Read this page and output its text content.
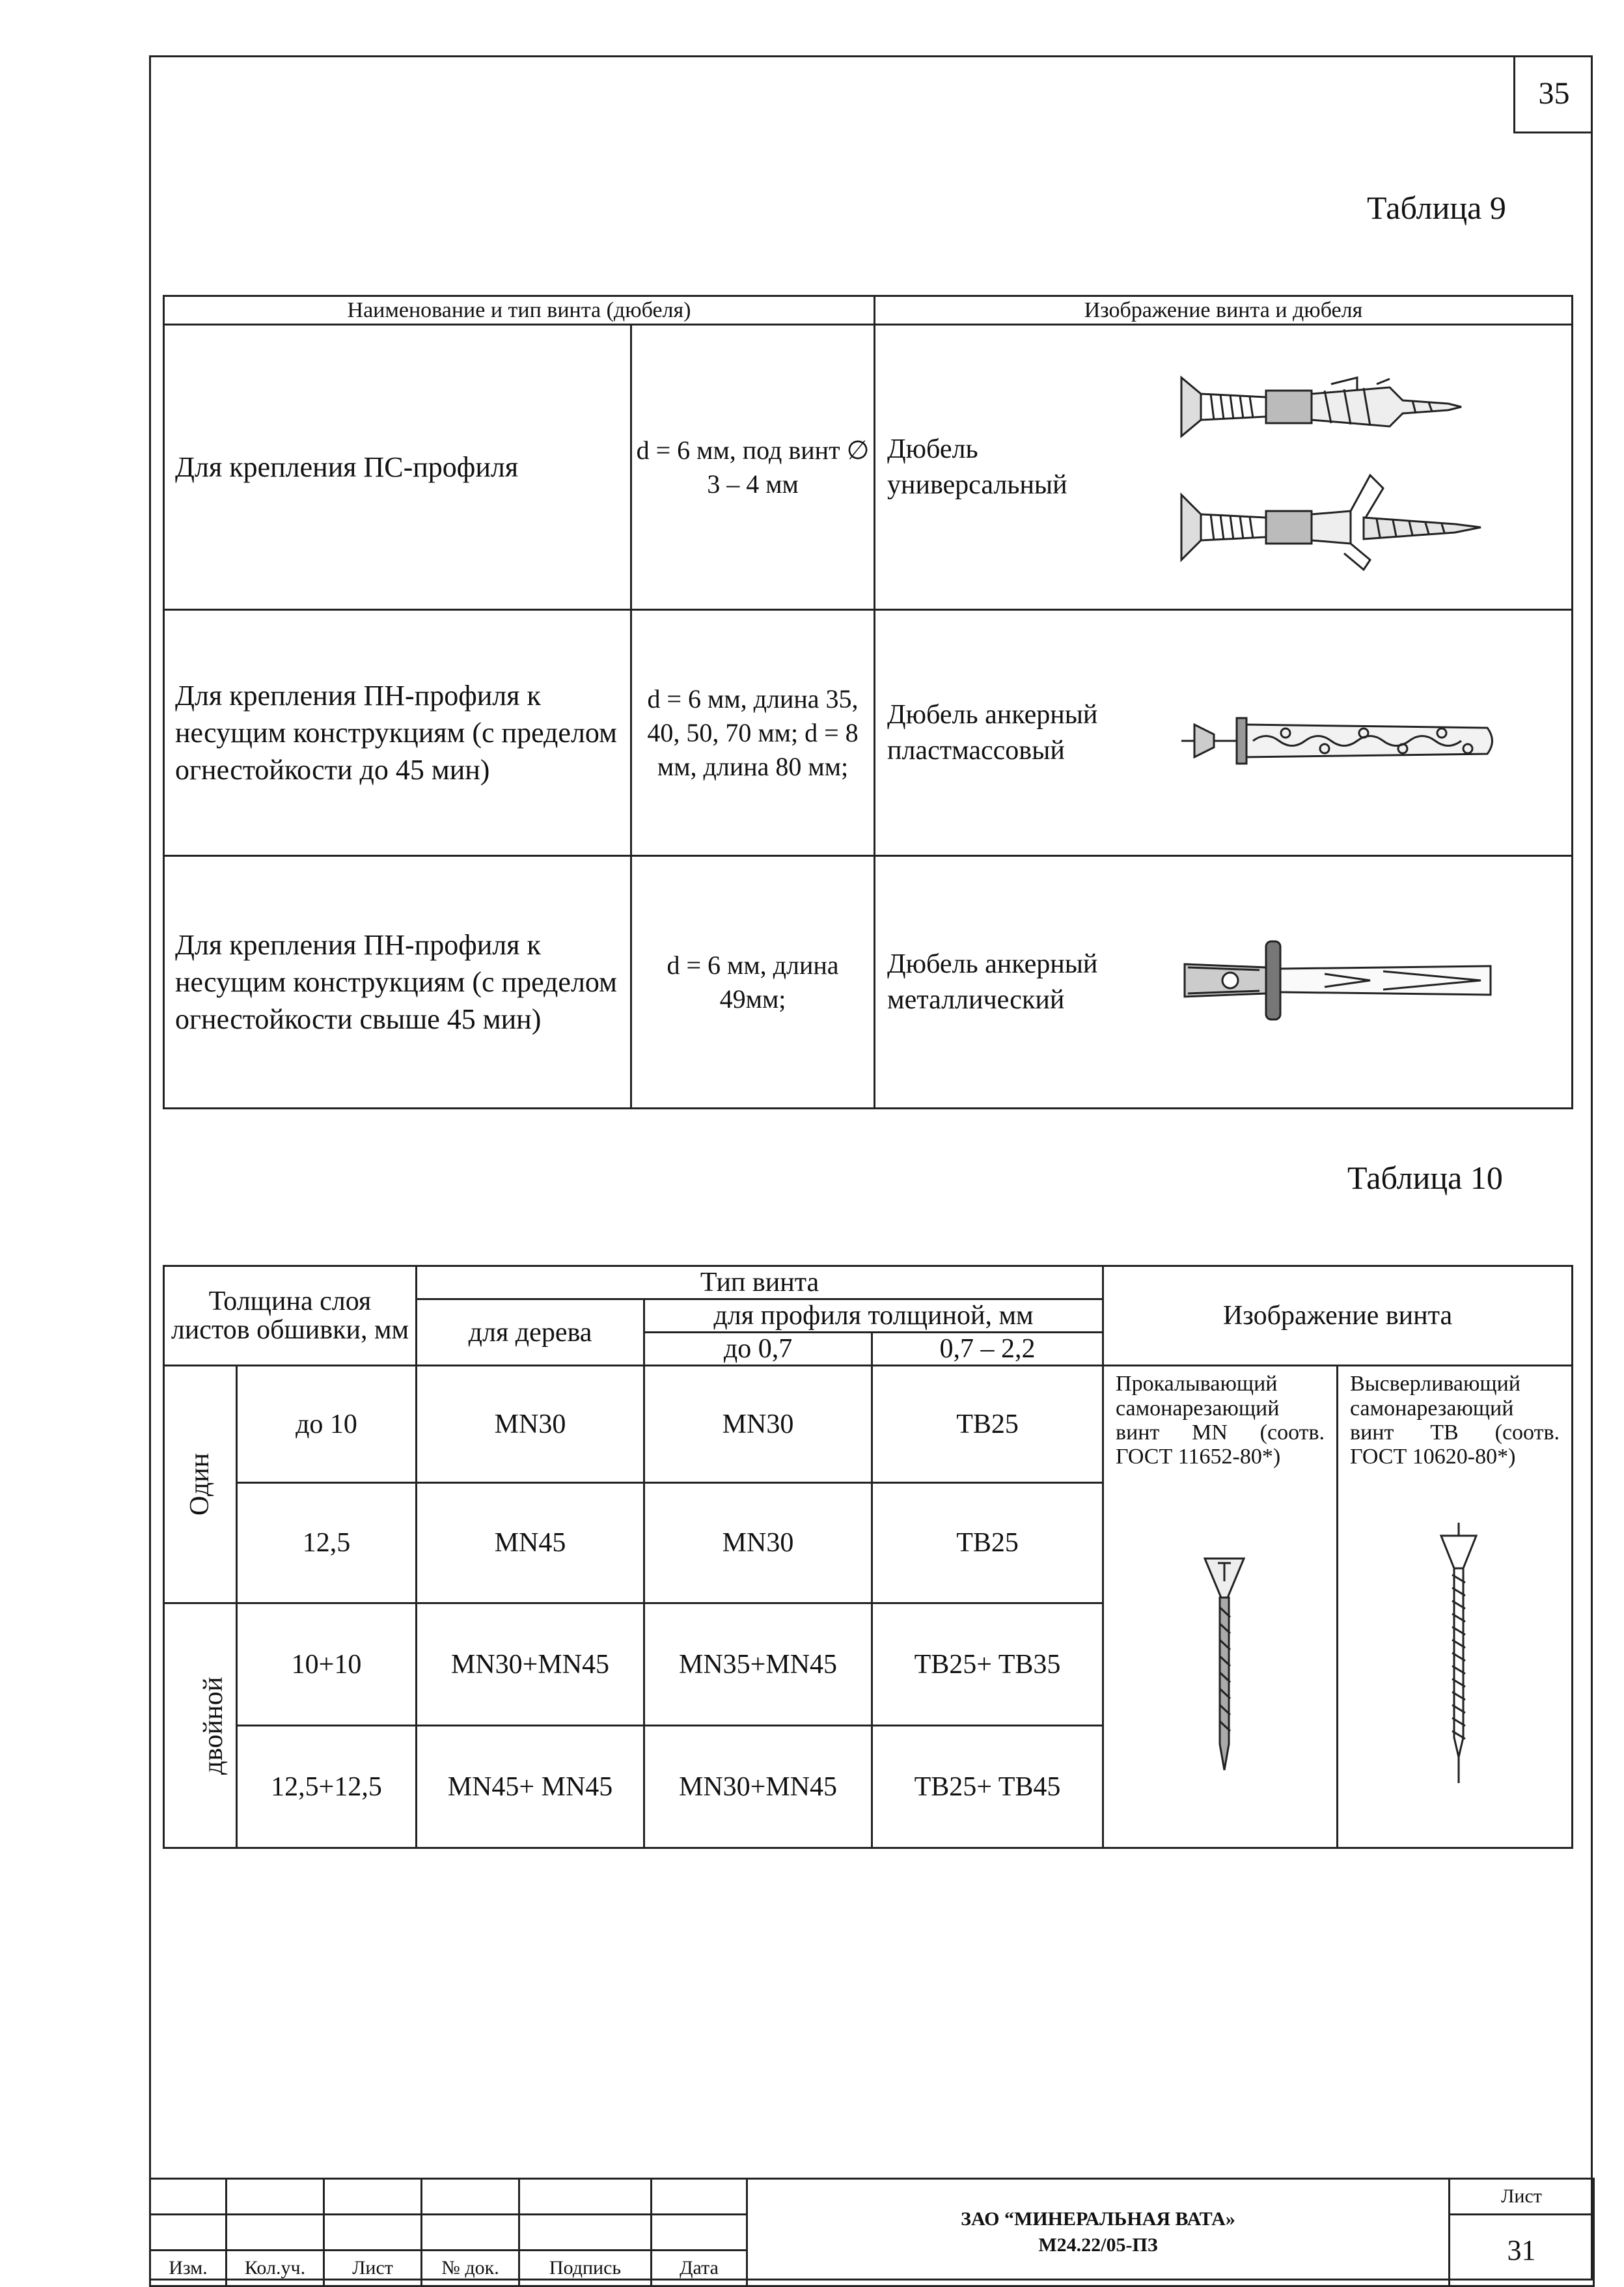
35
Таблица 9
Наименование и тип винта (дюбеля)		Изображение винта и дюбеля
Для крепления ПС-профиля	d = 6 мм, под винт ∅ 3 – 4 мм	Дюбель универсальный

Для крепления ПН-профиля к несущим конструкциям (с пределом огнестойкости до 45 мин)	d = 6 мм, длина 35, 40, 50, 70 мм; d = 8 мм, длина 80 мм;	Дюбель анкерный пластмассовый

Для крепления ПН-профиля к несущим конструкциям (с пределом огнестойкости свыше 45 мин)	d = 6 мм, длина 49мм;	Дюбель анкерный металлический
Таблица 10
Толщина слоя листов обшивки, мм		Тип винта			Изображение винта	
		для дерева	для профиля толщиной, мм			
			до 0,7	0,7 – 2,2		
Один	до 10	MN30	MN30	TB25	Прокалывающий самонарезающий винт MN (соотв. ГОСТ 11652-80*)	Высверливающий самонарезающий винт ТВ (соотв. ГОСТ 10620-80*)

	12,5	MN45	MN30	TB25		
двойной	10+10	MN30+MN45	MN35+MN45	TB25+ TB35		
	12,5+12,5	MN45+ MN45	MN30+MN45	TB25+ TB45		

						ЗАО “МИНЕРАЛЬНАЯ ВАТА»
М24.22/05-ПЗ	Лист
							31
Изм.	Кол.уч.	Лист	№ док.	Подпись	Дата		
